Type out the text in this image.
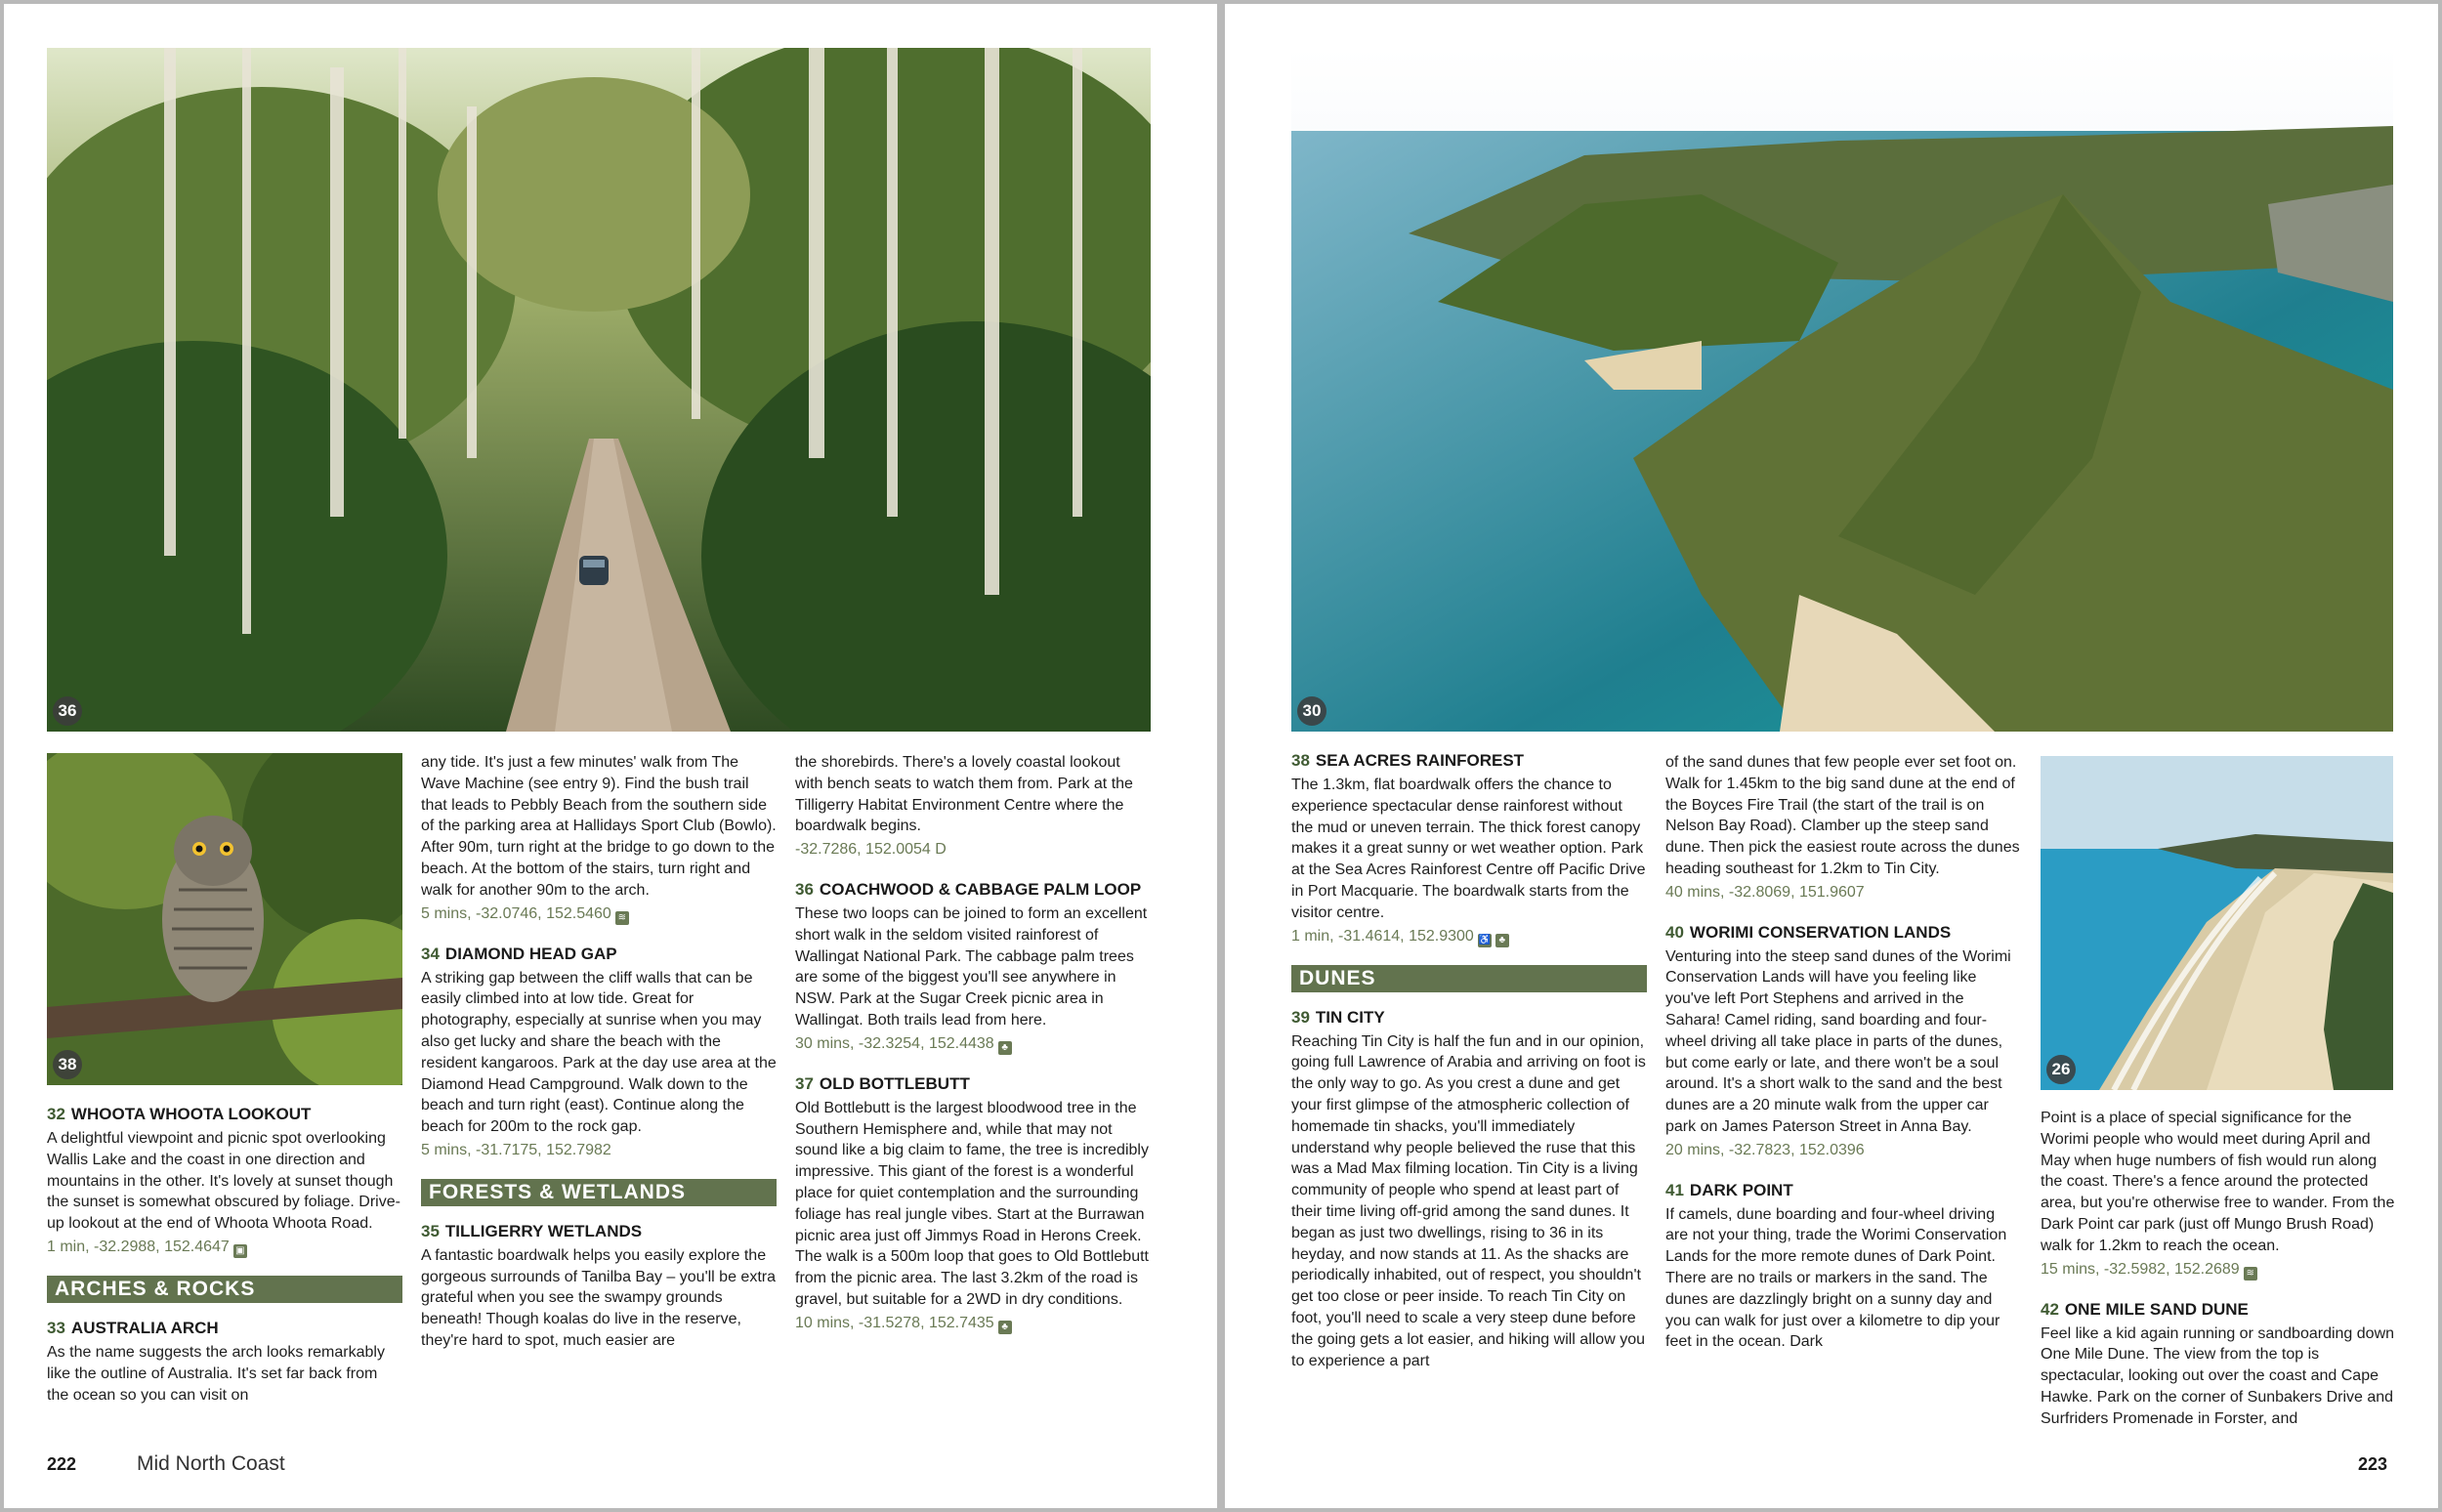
36
38
32 WHOOTA WHOOTA LOOKOUT

A delightful viewpoint and picnic spot overlooking Wallis Lake and the coast in one direction and mountains in the other. It's lovely at sunset though the sunset is somewhat obscured by foliage. Drive-up lookout at the end of Whoota Whoota Road.

1 min, -32.2988, 152.4647 ▣

ARCHES & ROCKS
33 AUSTRALIA ARCH

As the name suggests the arch looks remarkably like the outline of Australia. It's set far back from the ocean so you can visit on

any tide. It's just a few minutes' walk from The Wave Machine (see entry 9). Find the bush trail that leads to Pebbly Beach from the southern side of the parking area at Hallidays Sport Club (Bowlo). After 90m, turn right at the bridge to go down to the beach. At the bottom of the stairs, turn right and walk for another 90m to the arch.

5 mins, -32.0746, 152.5460 ≋

34 DIAMOND HEAD GAP

A striking gap between the cliff walls that can be easily climbed into at low tide. Great for photography, especially at sunrise when you may also get lucky and share the beach with the resident kangaroos. Park at the day use area at the Diamond Head Campground. Walk down to the beach and turn right (east). Continue along the beach for 200m to the rock gap.

5 mins, -31.7175, 152.7982

FORESTS & WETLANDS
35 TILLIGERRY WETLANDS

A fantastic boardwalk helps you easily explore the gorgeous surrounds of Tanilba Bay – you'll be extra grateful when you see the swampy grounds beneath! Though koalas do live in the reserve, they're hard to spot, much easier are

the shorebirds. There's a lovely coastal lookout with bench seats to watch them from. Park at the Tilligerry Habitat Environment Centre where the boardwalk begins.

-32.7286, 152.0054 D

36 COACHWOOD & CABBAGE PALM LOOP

These two loops can be joined to form an excellent short walk in the seldom visited rainforest of Wallingat National Park. The cabbage palm trees are some of the biggest you'll see anywhere in NSW. Park at the Sugar Creek picnic area in Wallingat. Both trails lead from here.

30 mins, -32.3254, 152.4438 ♣

37 OLD BOTTLEBUTT

Old Bottlebutt is the largest bloodwood tree in the Southern Hemisphere and, while that may not sound like a big claim to fame, the tree is incredibly impressive. This giant of the forest is a wonderful place for quiet contemplation and the surrounding foliage has real jungle vibes. Start at the Burrawan picnic area just off Jimmys Road in Herons Creek. The walk is a 500m loop that goes to Old Bottlebutt from the picnic area. The last 3.2km of the road is gravel, but suitable for a 2WD in dry conditions.

10 mins, -31.5278, 152.7435 ♣

222	Mid North Coast
30
26
38 SEA ACRES RAINFOREST

The 1.3km, flat boardwalk offers the chance to experience spectacular dense rainforest without the mud or uneven terrain. The thick forest canopy makes it a great sunny or wet weather option. Park at the Sea Acres Rainforest Centre off Pacific Drive in Port Macquarie. The boardwalk starts from the visitor centre.

1 min, -31.4614, 152.9300 ♿ ♣

DUNES
39 TIN CITY

Reaching Tin City is half the fun and in our opinion, going full Lawrence of Arabia and arriving on foot is the only way to go. As you crest a dune and get your first glimpse of the atmospheric collection of homemade tin shacks, you'll immediately understand why people believed the ruse that this was a Mad Max filming location. Tin City is a living community of people who spend at least part of their time living off-grid among the sand dunes. It began as just two dwellings, rising to 36 in its heyday, and now stands at 11. As the shacks are periodically inhabited, out of respect, you shouldn't get too close or peer inside. To reach Tin City on foot, you'll need to scale a very steep dune before the going gets a lot easier, and hiking will allow you to experience a part

of the sand dunes that few people ever set foot on. Walk for 1.45km to the big sand dune at the end of the Boyces Fire Trail (the start of the trail is on Nelson Bay Road). Clamber up the steep sand dune. Then pick the easiest route across the dunes heading southeast for 1.2km to Tin City.

40 mins, -32.8069, 151.9607

40 WORIMI CONSERVATION LANDS

Venturing into the steep sand dunes of the Worimi Conservation Lands will have you feeling like you've left Port Stephens and arrived in the Sahara! Camel riding, sand boarding and four-wheel driving all take place in parts of the dunes, but come early or late, and there won't be a soul around. It's a short walk to the sand and the best dunes are a 20 minute walk from the upper car park on James Paterson Street in Anna Bay.

20 mins, -32.7823, 152.0396

41 DARK POINT

If camels, dune boarding and four-wheel driving are not your thing, trade the Worimi Conservation Lands for the more remote dunes of Dark Point. There are no trails or markers in the sand. The dunes are dazzlingly bright on a sunny day and you can walk for just over a kilometre to dip your feet in the ocean. Dark

Point is a place of special significance for the Worimi people who would meet during April and May when huge numbers of fish would run along the coast. There's a fence around the protected area, but you're otherwise free to wander. From the Dark Point car park (just off Mungo Brush Road) walk for 1.2km to reach the ocean.

15 mins, -32.5982, 152.2689 ≋

42 ONE MILE SAND DUNE

Feel like a kid again running or sandboarding down One Mile Dune. The view from the top is spectacular, looking out over the coast and Cape Hawke. Park on the corner of Sunbakers Drive and Surfriders Promenade in Forster, and

223
